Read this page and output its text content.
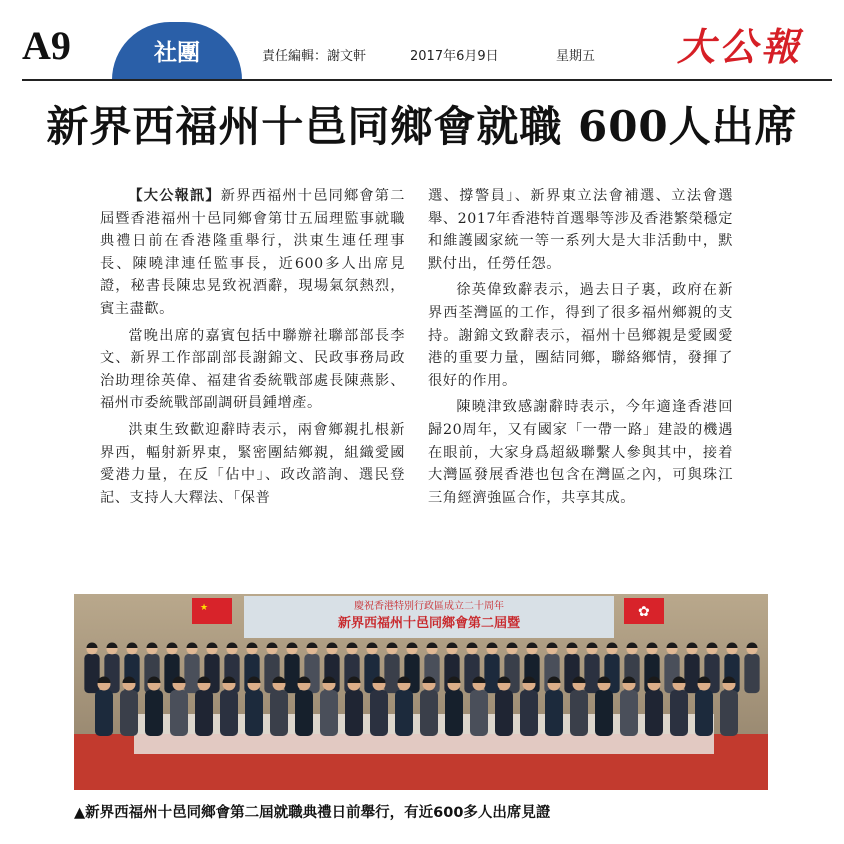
A9	社團	責任編輯：謝文軒	2017年6月9日	星期五 大公報
新界西福州十邑同鄉會就職 600人出席

【大公報訊】新界西福州十邑同鄉會第二屆暨香港福州十邑同鄉會第廿五屆理監事就職典禮日前在香港隆重舉行，洪東生連任理事長、陳曉津連任監事長，近600多人出席見證，秘書長陳忠晃致祝酒辭，現場氣氛熱烈，賓主盡歡。

當晚出席的嘉賓包括中聯辦社聯部部長李文、新界工作部副部長謝錦文、民政事務局政治助理徐英偉、福建省委統戰部處長陳燕影、福州市委統戰部副調研員鍾增產。

洪東生致歡迎辭時表示，兩會鄉親扎根新界西，輻射新界東，緊密團結鄉親，組織愛國愛港力量，在反「佔中」、政改諮詢、選民登記、支持人大釋法、「保普

選、撐警員」、新界東立法會補選、立法會選舉、2017年香港特首選舉等涉及香港繁榮穩定和維護國家統一等一系列大是大非活動中，默默付出，任勞任怨。

徐英偉致辭表示，過去日子裏，政府在新界西荃灣區的工作，得到了很多福州鄉親的支持。謝錦文致辭表示，福州十邑鄉親是愛國愛港的重要力量，團結同鄉，聯絡鄉情，發揮了很好的作用。

陳曉津致感謝辭時表示，今年適逢香港回歸20周年，又有國家「一帶一路」建設的機遇在眼前，大家身爲超級聯繫人參與其中，接着大灣區發展香港也包含在灣區之內，可與珠江三角經濟強區合作，共享其成。

★	✿
慶祝香港特別行政區成立二十周年
新界西福州十邑同鄉會第二屆暨
▲新界西福州十邑同鄉會第二屆就職典禮日前舉行，有近600多人出席見證
